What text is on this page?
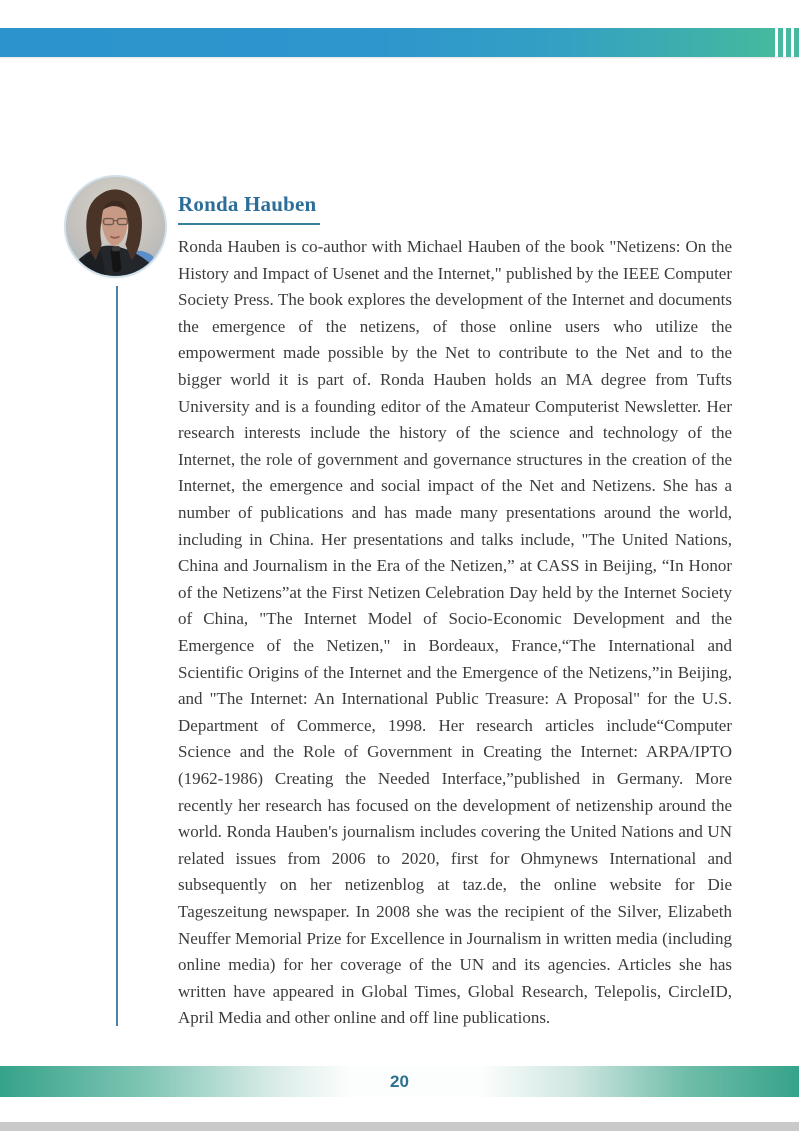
Ronda Hauben

Ronda Hauben is co-author with Michael Hauben of the book "Netizens: On the History and Impact of Usenet and the Internet," published by the IEEE Computer Society Press. The book explores the development of the Internet and documents the emergence of the netizens, of those online users who utilize the empowerment made possible by the Net to contribute to the Net and to the bigger world it is part of. Ronda Hauben holds an MA degree from Tufts University and is a founding editor of the Amateur Computerist Newsletter. Her research interests include the history of the science and technology of the Internet, the role of government and governance structures in the creation of the Internet, the emergence and social impact of the Net and Netizens. She has a number of publications and has made many presentations around the world, including in China. Her presentations and talks include, "The United Nations, China and Journalism in the Era of the Netizen,” at CASS in Beijing, “In Honor of the Netizens”at the First Netizen Celebration Day held by the Internet Society of China, "The Internet Model of Socio-Economic Development and the Emergence of the Netizen," in Bordeaux, France,“The International and Scientific Origins of the Internet and the Emergence of the Netizens,”in Beijing, and "The Internet: An International Public Treasure: A Proposal" for the U.S. Department of Commerce, 1998. Her research articles include“Computer Science and the Role of Government in Creating the Internet: ARPA/IPTO (1962-1986) Creating the Needed Interface,”published in Germany. More recently her research has focused on the development of netizenship around the world. Ronda Hauben's journalism includes covering the United Nations and UN related issues from 2006 to 2020, first for Ohmynews International and subsequently on her netizenblog at taz.de, the online website for Die Tageszeitung newspaper. In 2008 she was the recipient of the Silver, Elizabeth Neuffer Memorial Prize for Excellence in Journalism in written media (including online media) for her coverage of the UN and its agencies. Articles she has written have appeared in Global Times, Global Research, Telepolis, CircleID, April Media and other online and off line publications.

20
